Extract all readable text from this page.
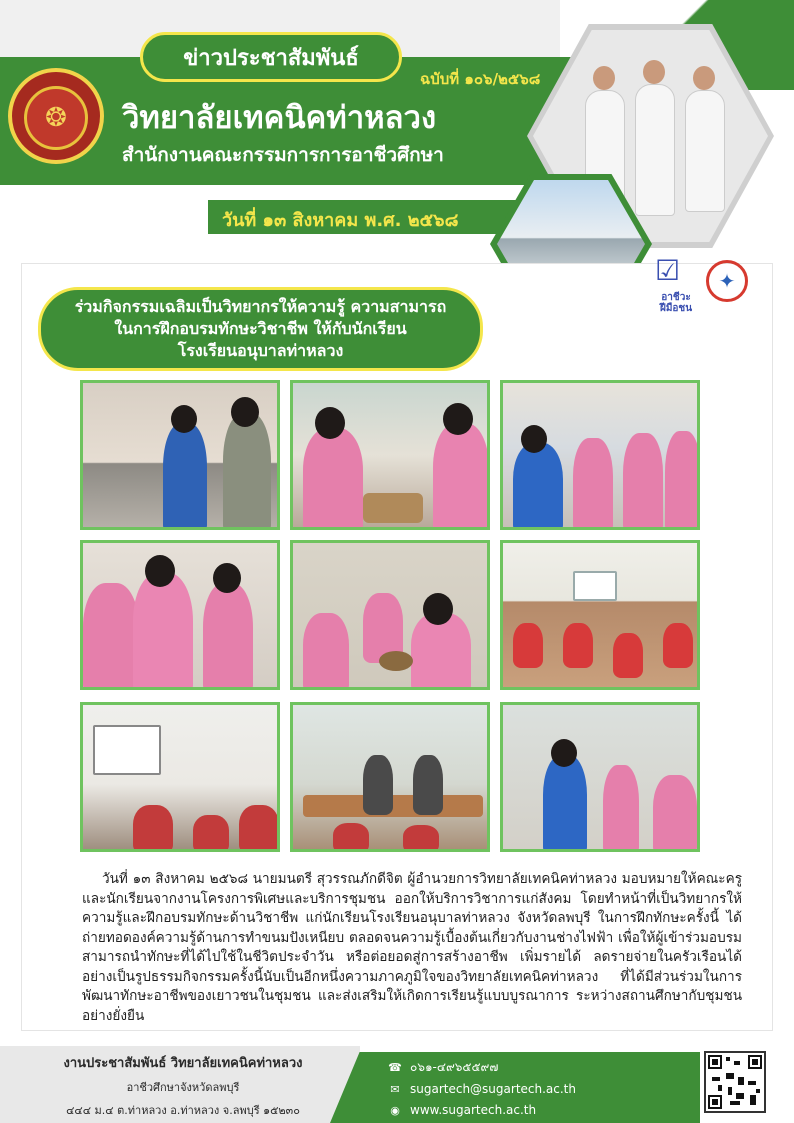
ข่าวประชาสัมพันธ์
❂
ฉบับที่ ๑๐๖/๒๕๖๘
วิทยาลัยเทคนิคท่าหลวง
สำนักงานคณะกรรมการการอาชีวศึกษา
วันที่ ๑๓ สิงหาคม พ.ศ. ๒๕๖๘
☑
อาชีวะ ฝีมือชน
✦
ร่วมกิจกรรมเฉลิมเป็นวิทยากรให้ความรู้ ความสามารถ
ในการฝึกอบรมทักษะวิชาชีพ ให้กับนักเรียน
โรงเรียนอนุบาลท่าหลวง

วันที่ ๑๓ สิงหาคม ๒๕๖๘ นายมนตรี สุวรรณภักดีจิต ผู้อำนวยการวิทยาลัยเทคนิคท่าหลวง มอบหมายให้คณะครู และนักเรียนจากงานโครงการพิเศษและบริการชุมชน ออกให้บริการวิชาการแก่สังคม โดยทำหน้าที่เป็นวิทยากรให้ความรู้และฝึกอบรมทักษะด้านวิชาชีพ แก่นักเรียนโรงเรียนอนุบาลท่าหลวง จังหวัดลพบุรี ในการฝึกทักษะครั้งนี้ ได้ถ่ายทอดองค์ความรู้ด้านการทำขนมปังเหนียบ ตลอดจนความรู้เบื้องต้นเกี่ยวกับงานช่างไฟฟ้า เพื่อให้ผู้เข้าร่วมอบรมสามารถนำทักษะที่ได้ไปใช้ในชีวิตประจำวัน หรือต่อยอดสู่การสร้างอาชีพ เพิ่มรายได้ ลดรายจ่ายในครัวเรือนได้อย่างเป็นรูปธรรมกิจกรรมครั้งนี้นับเป็นอีกหนึ่งความภาคภูมิใจของวิทยาลัยเทคนิคท่าหลวง ที่ได้มีส่วนร่วมในการพัฒนาทักษะอาชีพของเยาวชนในชุมชน และส่งเสริมให้เกิดการเรียนรู้แบบบูรณาการ ระหว่างสถานศึกษากับชุมชนอย่างยั่งยืน

งานประชาสัมพันธ์ วิทยาลัยเทคนิคท่าหลวง
อาชีวศึกษาจังหวัดลพบุรี
๔๔๔ ม.๔ ต.ท่าหลวง อ.ท่าหลวง จ.ลพบุรี ๑๕๒๓๐
☎ ๐๖๑-๔๙๖๕๕๙๗
✉ sugartech@sugartech.ac.th
◉ www.sugartech.ac.th
